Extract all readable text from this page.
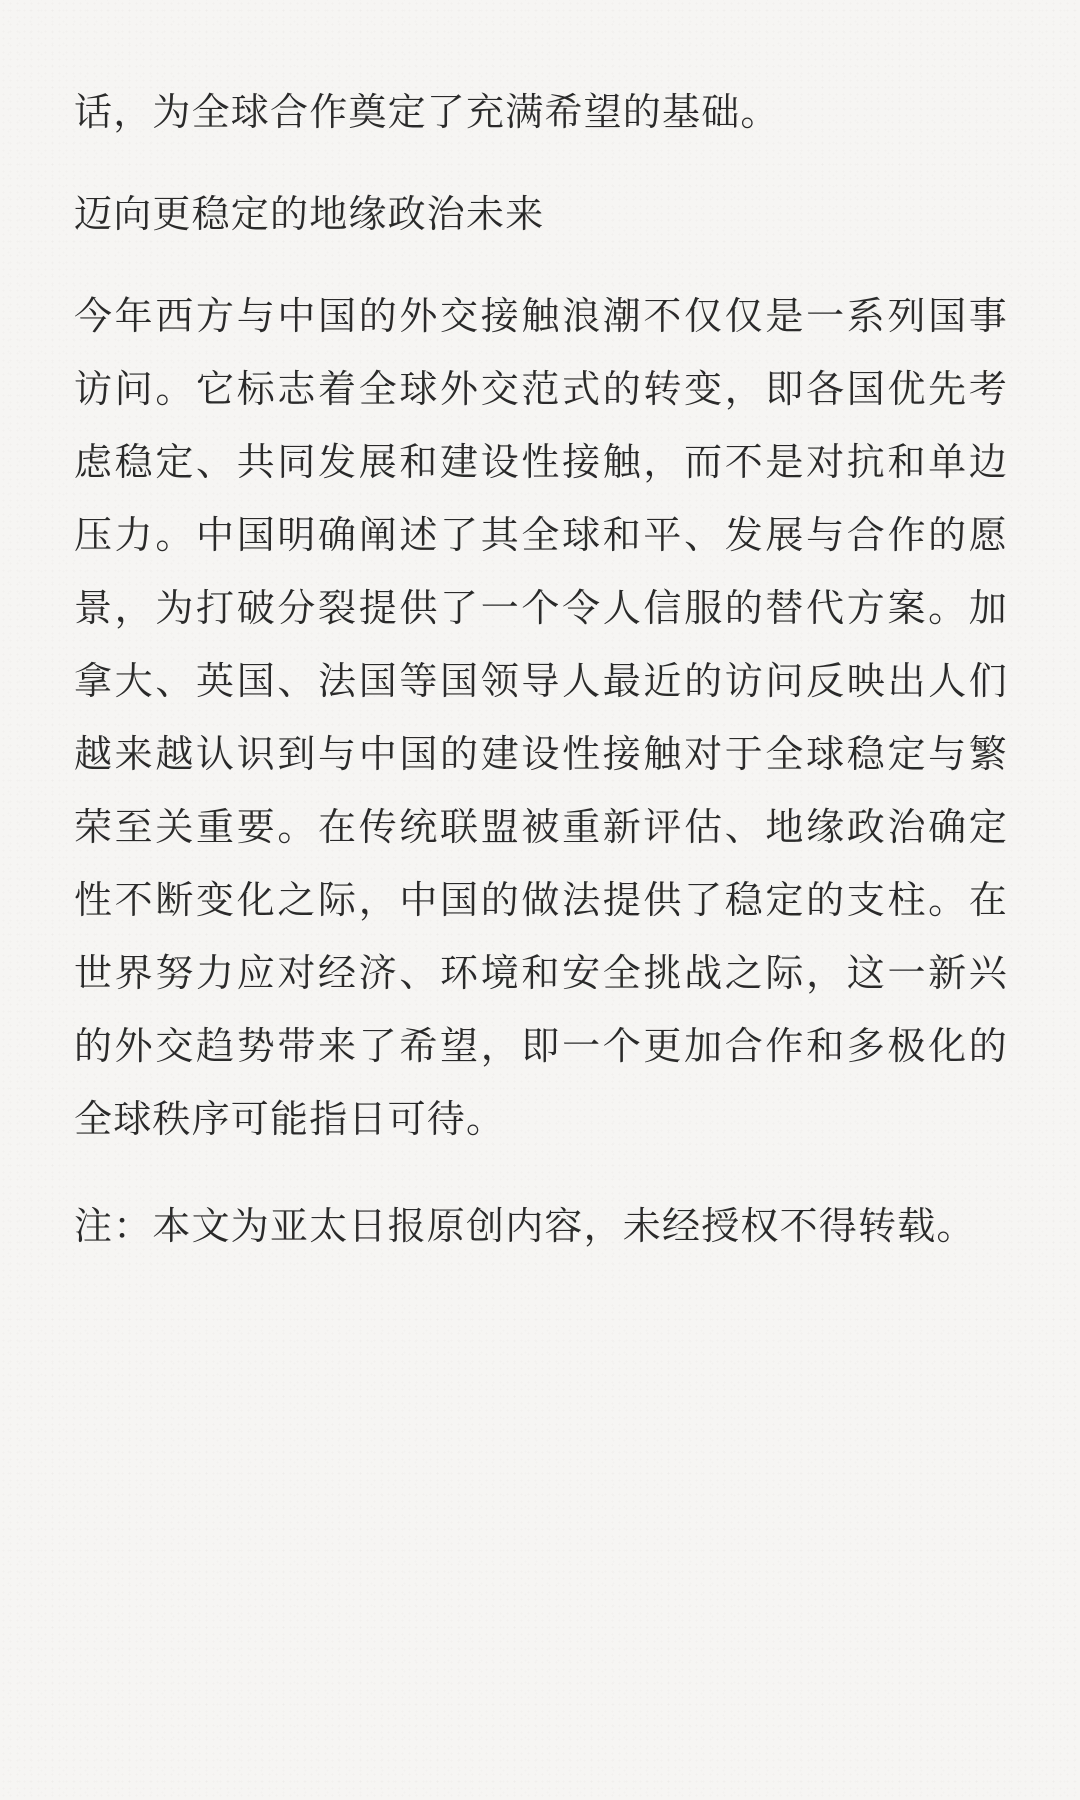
话，为全球合作奠定了充满希望的基础。

迈向更稳定的地缘政治未来

今年西方与中国的外交接触浪潮不仅仅是一系列国事访问。它标志着全球外交范式的转变，即各国优先考虑稳定、共同发展和建设性接触，而不是对抗和单边压力。中国明确阐述了其全球和平、发展与合作的愿景，为打破分裂提供了一个令人信服的替代方案。加拿大、英国、法国等国领导人最近的访问反映出人们越来越认识到与中国的建设性接触对于全球稳定与繁荣至关重要。在传统联盟被重新评估、地缘政治确定性不断变化之际，中国的做法提供了稳定的支柱。在世界努力应对经济、环境和安全挑战之际，这一新兴的外交趋势带来了希望，即一个更加合作和多极化的全球秩序可能指日可待。

注：本文为亚太日报原创内容，未经授权不得转载。
